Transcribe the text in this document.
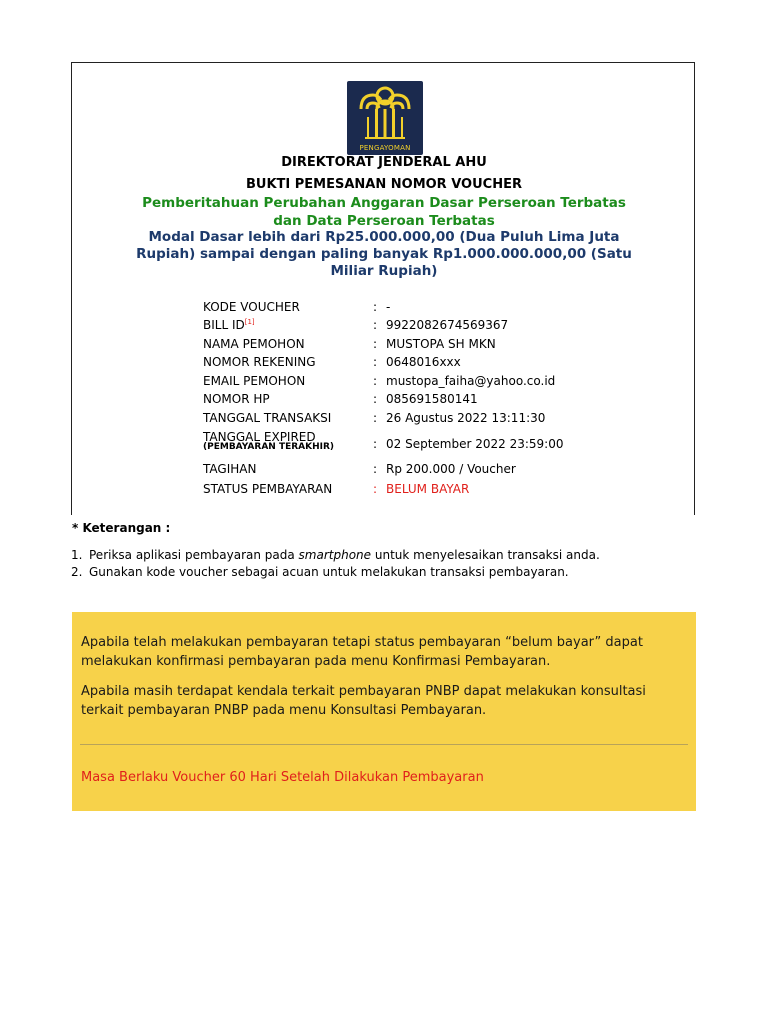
PENGAYOMAN
DIREKTORAT JENDERAL AHU
BUKTI PEMESANAN NOMOR VOUCHER
Pemberitahuan Perubahan Anggaran Dasar Perseroan Terbatas dan Data Perseroan Terbatas
Modal Dasar lebih dari Rp25.000.000,00 (Dua Puluh Lima Juta Rupiah) sampai dengan paling banyak Rp1.000.000.000,00 (Satu Miliar Rupiah)
KODE VOUCHER	: -
BILL ID[1]	: 9922082674569367
NAMA PEMOHON	: MUSTOPA SH MKN
NOMOR REKENING	: 0648016xxx
EMAIL PEMOHON	: mustopa_faiha@yahoo.co.id
NOMOR HP	: 085691580141
TANGGAL TRANSAKSI	: 26 Agustus 2022 13:11:30
TANGGAL EXPIRED
(PEMBAYARAN TERAKHIR)	: 02 September 2022 23:59:00
TAGIHAN	: Rp 200.000 / Voucher
STATUS PEMBAYARAN	: BELUM BAYAR
* Keterangan :
1. Periksa aplikasi pembayaran pada smartphone untuk menyelesaikan transaksi anda.
2. Gunakan kode voucher sebagai acuan untuk melakukan transaksi pembayaran.
Apabila telah melakukan pembayaran tetapi status pembayaran “belum bayar” dapat melakukan konfirmasi pembayaran pada menu Konfirmasi Pembayaran.
Apabila masih terdapat kendala terkait pembayaran PNBP dapat melakukan konsultasi terkait pembayaran PNBP pada menu Konsultasi Pembayaran.
Masa Berlaku Voucher 60 Hari Setelah Dilakukan Pembayaran
